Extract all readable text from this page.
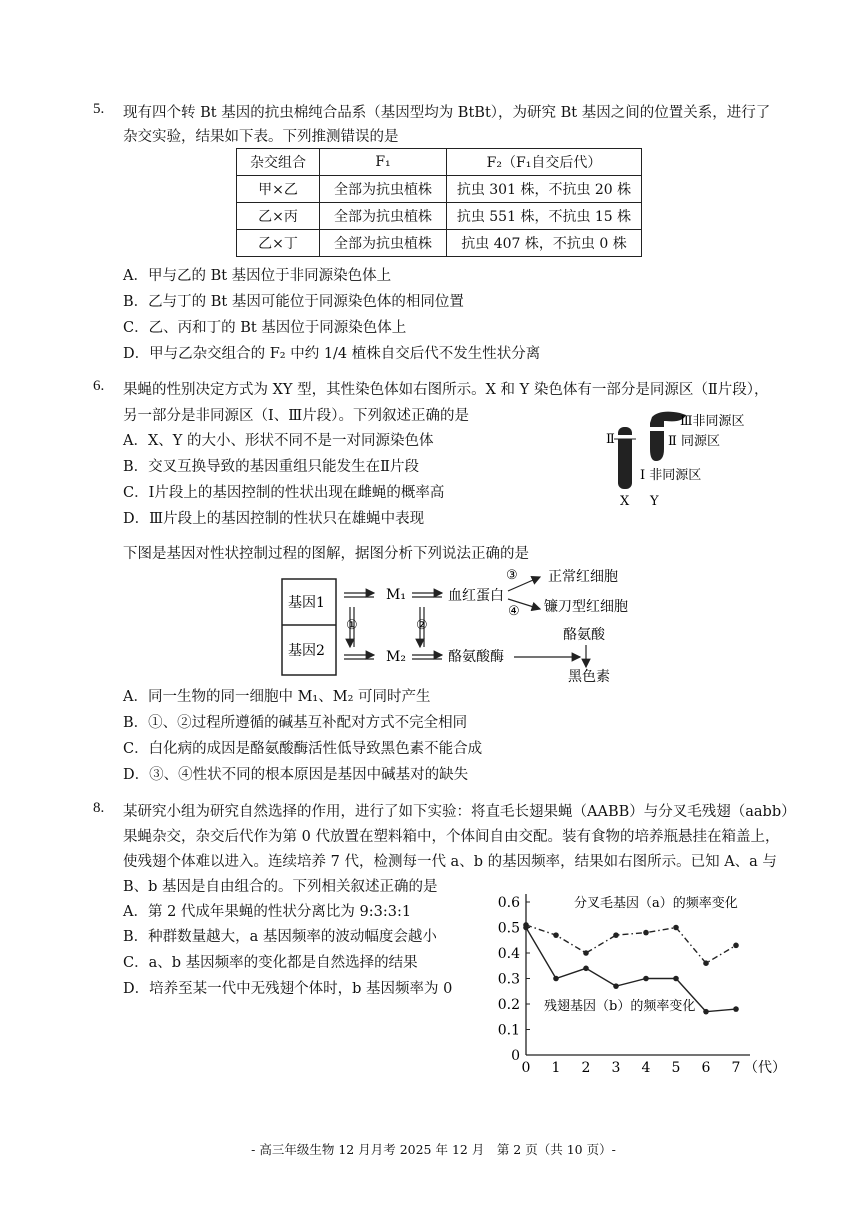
5. 现有四个转 Bt 基因的抗虫棉纯合品系（基因型均为 BtBt），为研究 Bt 基因之间的位置关系，进行了
杂交实验，结果如下表。下列推测错误的是
杂交组合	F₁	F₂（F₁自交后代）
甲×乙	全部为抗虫植株	抗虫 301 株，不抗虫 20 株
乙×丙	全部为抗虫植株	抗虫 551 株，不抗虫 15 株
乙×丁	全部为抗虫植株	抗虫 407 株，不抗虫 0 株
A．甲与乙的 Bt 基因位于非同源染色体上
B．乙与丁的 Bt 基因可能位于同源染色体的相同位置
C．乙、丙和丁的 Bt 基因位于同源染色体上
D．甲与乙杂交组合的 F₂ 中约 1/4 植株自交后代不发生性状分离
6. 果蝇的性别决定方式为 XY 型，其性染色体如右图所示。X 和 Y 染色体有一部分是同源区（Ⅱ片段），
另一部分是非同源区（Ⅰ、Ⅲ片段）。下列叙述正确的是
A．X、Y 的大小、形状不同不是一对同源染色体
B．交叉互换导致的基因重组只能发生在Ⅱ片段
C．Ⅰ片段上的基因控制的性状出现在雌蝇的概率高
D．Ⅲ片段上的基因控制的性状只在雄蝇中表现
Ⅲ非同源区
Ⅱ	Ⅱ 同源区
Ⅰ 非同源区
X Y
下图是基因对性状控制过程的图解，据图分析下列说法正确的是
基因1
基因2
①
M₁
M₂
②
血红蛋白
酪氨酸酶
③
④
正常红细胞
镰刀型红细胞
酪氨酸
黑色素
A．同一生物的同一细胞中 M₁、M₂ 可同时产生
B．①、②过程所遵循的碱基互补配对方式不完全相同
C．白化病的成因是酪氨酸酶活性低导致黑色素不能合成
D．③、④性状不同的根本原因是基因中碱基对的缺失
8. 某研究小组为研究自然选择的作用，进行了如下实验：将直毛长翅果蝇（AABB）与分叉毛残翅（aabb）
果蝇杂交，杂交后代作为第 0 代放置在塑料箱中，个体间自由交配。装有食物的培养瓶悬挂在箱盖上，
使残翅个体难以进入。连续培养 7 代，检测每一代 a、b 的基因频率，结果如右图所示。已知 A、a 与
B、b 基因是自由组合的。下列相关叙述正确的是
A．第 2 代成年果蝇的性状分离比为 9:3:3:1
B．种群数量越大，a 基因频率的波动幅度会越小
C．a、b 基因频率的变化都是自然选择的结果
D．培养至某一代中无残翅个体时，b 基因频率为 0
0
0.1
0.2
0.3
0.4
0.5
0.6
0 1 2 3 4 5 6 7 （代）
分叉毛基因（a）的频率变化
残翅基因（b）的频率变化
- 高三年级生物 12 月月考 2025 年 12 月　第 2 页（共 10 页）-
